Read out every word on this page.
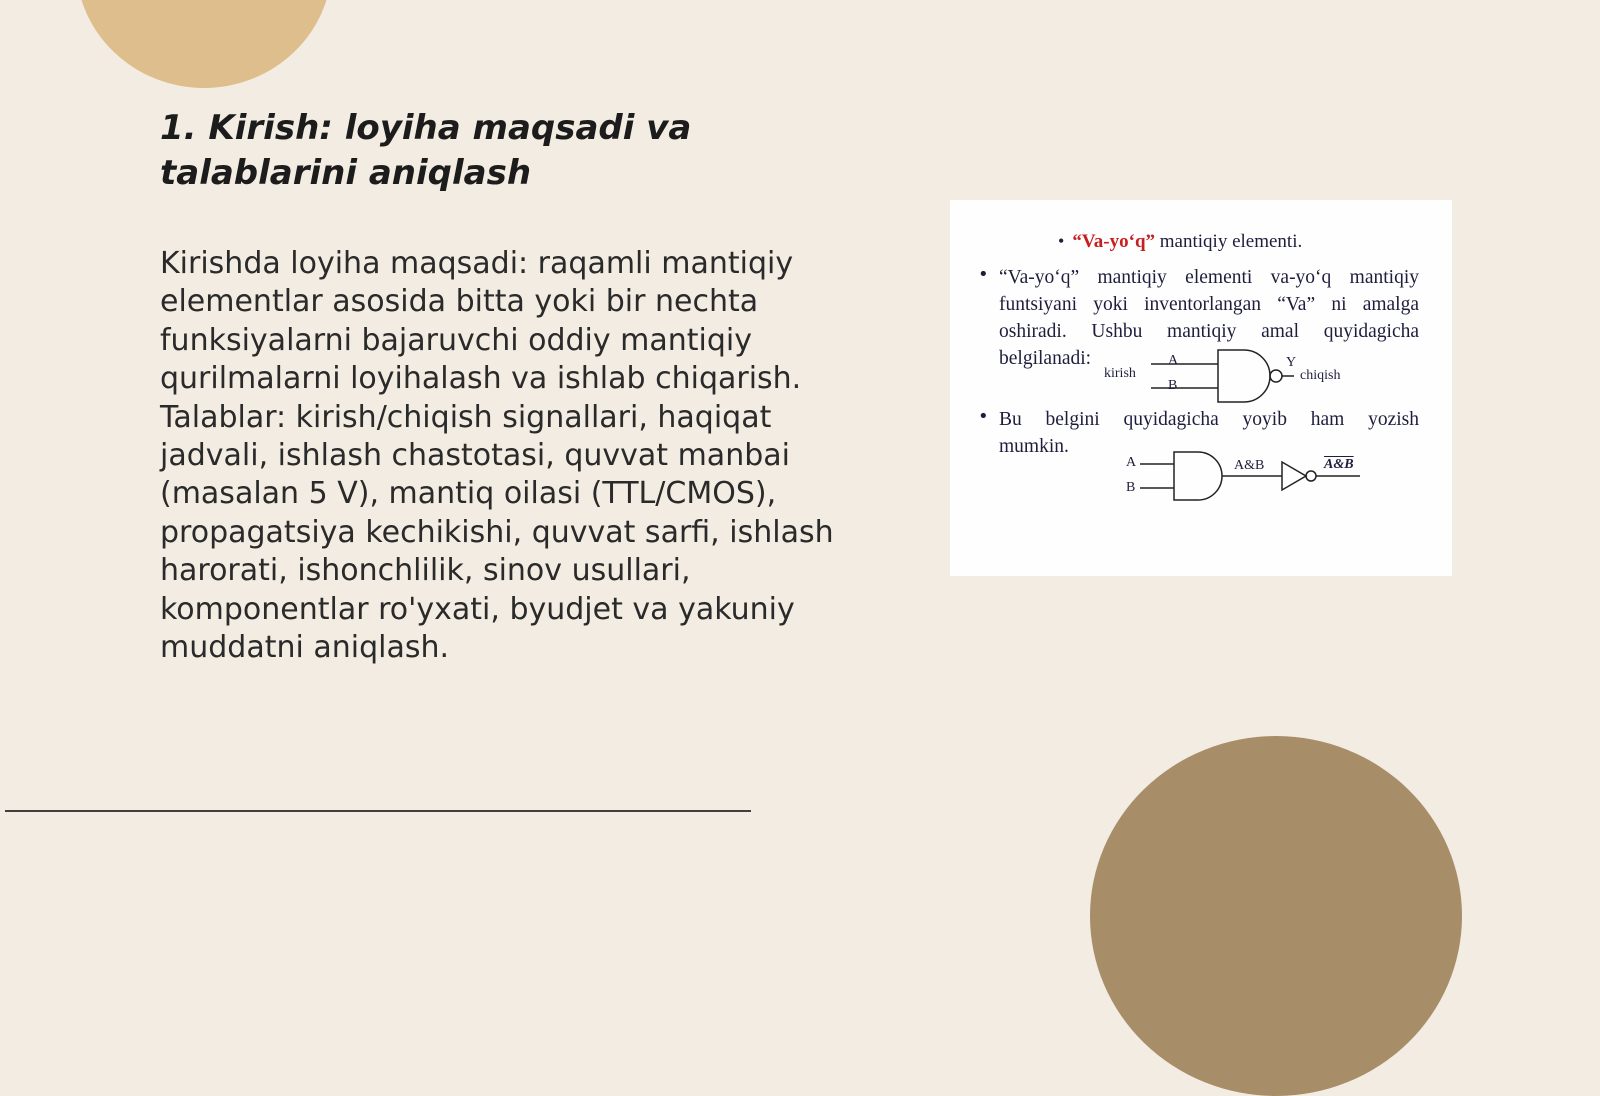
1. Kirish: loyiha maqsadi va talablarini aniqlash

Kirishda loyiha maqsadi: raqamli mantiqiy elementlar asosida bitta yoki bir nechta funksiyalarni bajaruvchi oddiy mantiqiy qurilmalarni loyihalash va ishlab chiqarish. Talablar: kirish/chiqish signallari, haqiqat jadvali, ishlash chastotasi, quvvat manbai (masalan 5 V), mantiq oilasi (TTL/CMOS), propagatsiya kechikishi, quvvat sarfi, ishlash harorati, ishonchlilik, sinov usullari, komponentlar ro'yxati, byudjet va yakuniy muddatni aniqlash.

• “Va-yo‘q” mantiqiy elementi.
• “Va-yo‘q” mantiqiy elementi va-yo‘q mantiqiy

funtsiyani yoki inventorlangan “Va” ni amalga

oshiradi. Ushbu mantiqiy amal quyidagicha

belgilanadi:

kirish
A
B
Y
chiqish
• Bu belgini quyidagicha yoyib ham yozish

mumkin.

A
B
A&B	A&B
